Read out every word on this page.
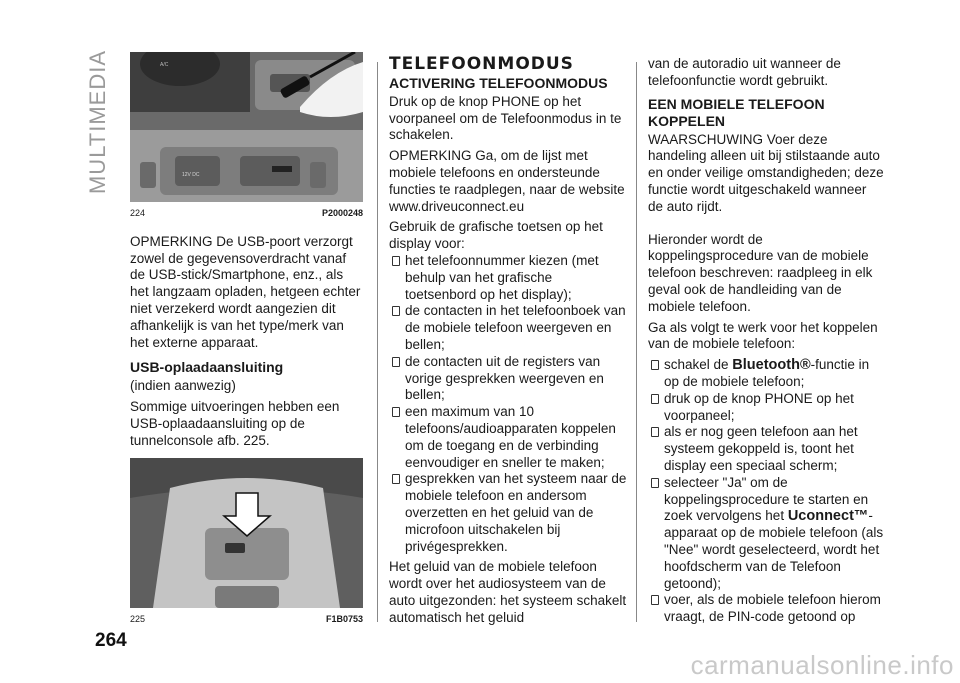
MULTIMEDIA	A/C
12V DC
224	P2000248

OPMERKING De USB-poort verzorgt zowel de gegevensoverdracht vanaf de USB-stick/Smartphone, enz., als het langzaam opladen, hetgeen echter niet verzekerd wordt aangezien dit afhankelijk is van het type/merk van het externe apparaat.

USB-oplaadaansluiting

(indien aanwezig)

Sommige uitvoeringen hebben een USB-oplaadaansluiting op de tunnelconsole afb. 225.

225	F1B0753
TELEFOONMODUS
ACTIVERING TELEFOONMODUS

Druk op de knop PHONE op het voorpaneel om de Telefoonmodus in te schakelen.

OPMERKING Ga, om de lijst met mobiele telefoons en ondersteunde functies te raadplegen, naar de website www.driveuconnect.eu

Gebruik de grafische toetsen op het display voor:

het telefoonnummer kiezen (met behulp van het grafische toetsenbord op het display);
de contacten in het telefoonboek van de mobiele telefoon weergeven en bellen;
de contacten uit de registers van vorige gesprekken weergeven en bellen;
een maximum van 10 telefoons/audioapparaten koppelen om de toegang en de verbinding eenvoudiger en sneller te maken;
gesprekken van het systeem naar de mobiele telefoon en andersom overzetten en het geluid van de microfoon uitschakelen bij privégesprekken.

Het geluid van de mobiele telefoon wordt over het audiosysteem van de auto uitgezonden: het systeem schakelt automatisch het geluid

van de autoradio uit wanneer de telefoonfunctie wordt gebruikt.

EEN MOBIELE TELEFOON KOPPELEN

WAARSCHUWING Voer deze handeling alleen uit bij stilstaande auto en onder veilige omstandigheden; deze functie wordt uitgeschakeld wanneer de auto rijdt.

Hieronder wordt de koppelingsprocedure van de mobiele telefoon beschreven: raadpleeg in elk geval ook de handleiding van de mobiele telefoon.

Ga als volgt te werk voor het koppelen van de mobiele telefoon:

schakel de Bluetooth®-functie in op de mobiele telefoon;
druk op de knop PHONE op het voorpaneel;
als er nog geen telefoon aan het systeem gekoppeld is, toont het display een speciaal scherm;
selecteer "Ja" om de koppelingsprocedure te starten en zoek vervolgens het Uconnect™-apparaat op de mobiele telefoon (als "Nee" wordt geselecteerd, wordt het hoofdscherm van de Telefoon getoond);
voer, als de mobiele telefoon hierom vraagt, de PIN-code getoond op
264
carmanualsonline.info
